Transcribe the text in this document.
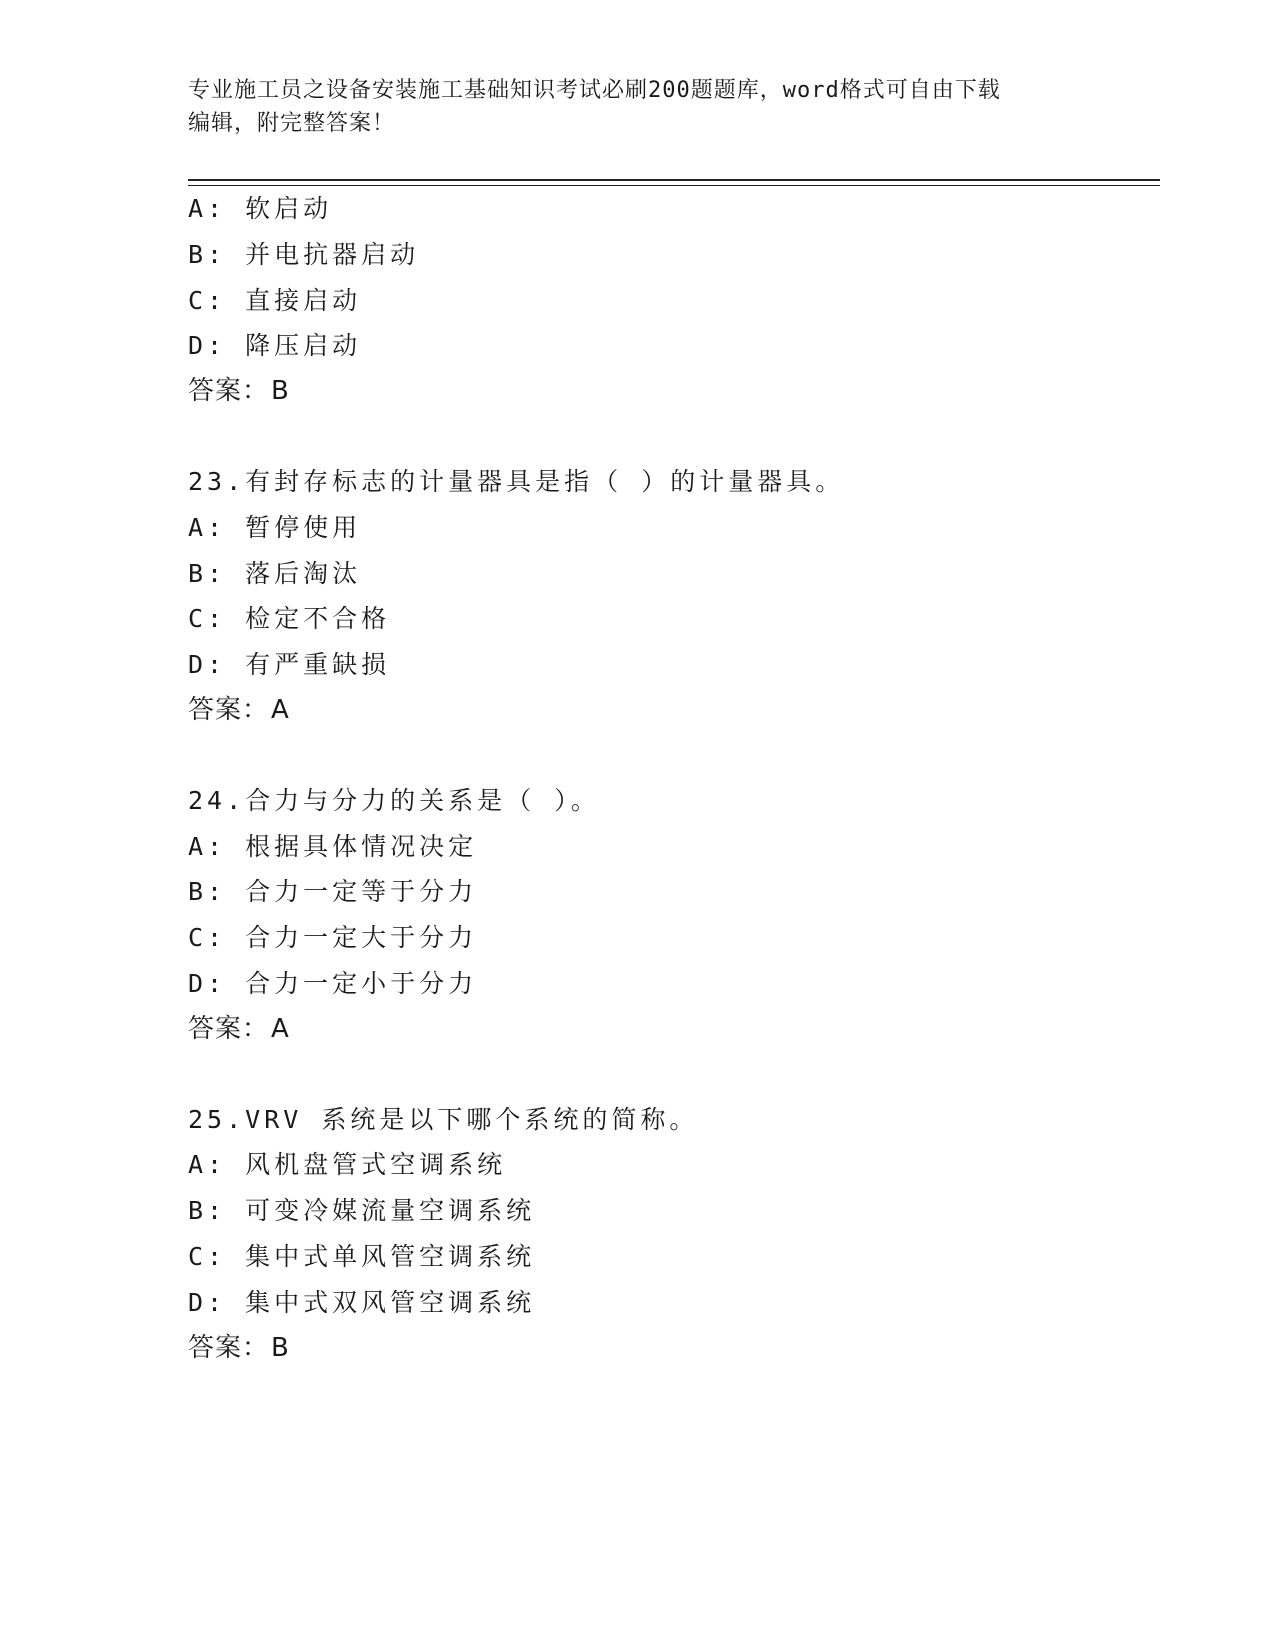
专业施工员之设备安装施工基础知识考试必刷200题题库，word格式可自由下载
编辑，附完整答案！
A: 软启动
B: 并电抗器启动
C: 直接启动
D: 降压启动
答案：B
23.有封存标志的计量器具是指（ ）的计量器具。
A: 暂停使用
B: 落后淘汰
C: 检定不合格
D: 有严重缺损
答案：A
24.合力与分力的关系是（ ）。
A: 根据具体情况决定
B: 合力一定等于分力
C: 合力一定大于分力
D: 合力一定小于分力
答案：A
25.VRV 系统是以下哪个系统的简称。
A: 风机盘管式空调系统
B: 可变冷媒流量空调系统
C: 集中式单风管空调系统
D: 集中式双风管空调系统
答案：B
